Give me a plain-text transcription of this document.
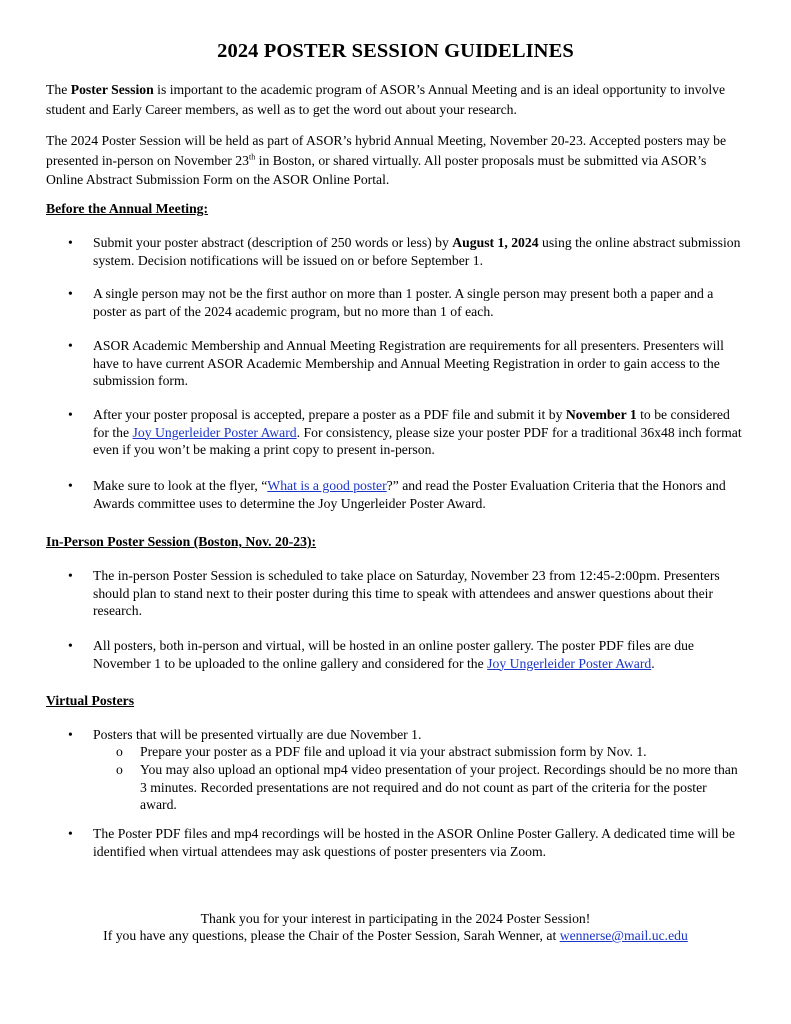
2024 POSTER SESSION GUIDELINES
The Poster Session is important to the academic program of ASOR’s Annual Meeting and is an ideal opportunity to involve student and Early Career members, as well as to get the word out about your research.
The 2024 Poster Session will be held as part of ASOR’s hybrid Annual Meeting, November 20-23. Accepted posters may be presented in-person on November 23th in Boston, or shared virtually. All poster proposals must be submitted via ASOR’s Online Abstract Submission Form on the ASOR Online Portal.
Before the Annual Meeting:
•	Submit your poster abstract (description of 250 words or less) by August 1, 2024 using the online abstract submission system. Decision notifications will be issued on or before September 1.
•	A single person may not be the first author on more than 1 poster. A single person may present both a paper and a poster as part of the 2024 academic program, but no more than 1 of each.
•	ASOR Academic Membership and Annual Meeting Registration are requirements for all presenters. Presenters will have to have current ASOR Academic Membership and Annual Meeting Registration in order to gain access to the submission form.
•	After your poster proposal is accepted, prepare a poster as a PDF file and submit it by November 1 to be considered for the Joy Ungerleider Poster Award. For consistency, please size your poster PDF for a traditional 36x48 inch format even if you won’t be making a print copy to present in-person.
•	Make sure to look at the flyer, “What is a good poster?” and read the Poster Evaluation Criteria that the Honors and Awards committee uses to determine the Joy Ungerleider Poster Award.
In-Person Poster Session (Boston, Nov. 20-23):
•	The in-person Poster Session is scheduled to take place on Saturday, November 23 from 12:45-2:00pm. Presenters should plan to stand next to their poster during this time to speak with attendees and answer questions about their research.
•	All posters, both in-person and virtual, will be hosted in an online poster gallery. The poster PDF files are due November 1 to be uploaded to the online gallery and considered for the Joy Ungerleider Poster Award.
Virtual Posters
•	Posters that will be presented virtually are due November 1.
o Prepare your poster as a PDF file and upload it via your abstract submission form by Nov. 1.
o You may also upload an optional mp4 video presentation of your project. Recordings should be no more than 3 minutes. Recorded presentations are not required and do not count as part of the criteria for the poster award.
•	The Poster PDF files and mp4 recordings will be hosted in the ASOR Online Poster Gallery. A dedicated time will be identified when virtual attendees may ask questions of poster presenters via Zoom.
Thank you for your interest in participating in the 2024 Poster Session!
If you have any questions, please the Chair of the Poster Session, Sarah Wenner, at wennerse@mail.uc.edu
